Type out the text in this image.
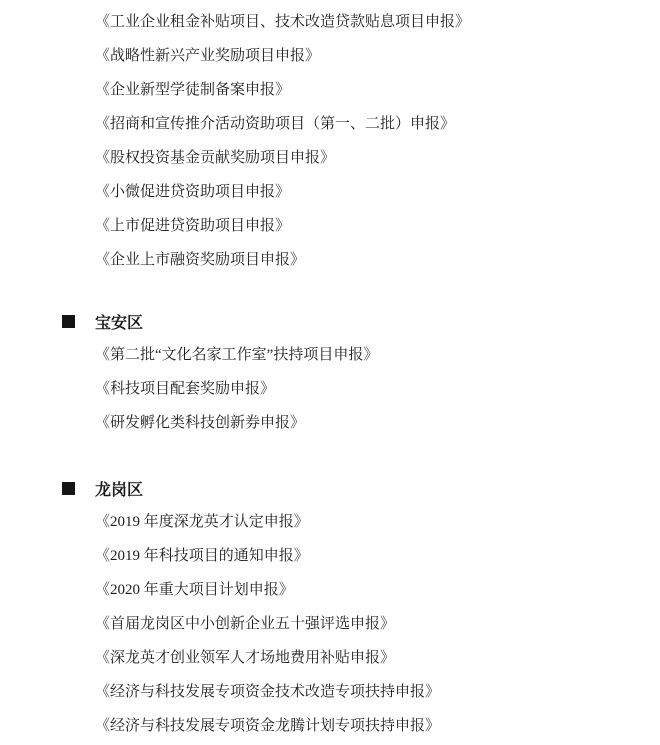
《工业企业租金补贴项目、技术改造贷款贴息项目申报》
《战略性新兴产业奖励项目申报》
《企业新型学徒制备案申报》
《招商和宣传推介活动资助项目（第一、二批）申报》
《股权投资基金贡献奖励项目申报》
《小微促进贷资助项目申报》
《上市促进贷资助项目申报》
《企业上市融资奖励项目申报》
宝安区
《第二批“文化名家工作室”扶持项目申报》
《科技项目配套奖励申报》
《研发孵化类科技创新券申报》
龙岗区
《2019 年度深龙英才认定申报》
《2019 年科技项目的通知申报》
《2020 年重大项目计划申报》
《首届龙岗区中小创新企业五十强评选申报》
《深龙英才创业领军人才场地费用补贴申报》
《经济与科技发展专项资金技术改造专项扶持申报》
《经济与科技发展专项资金龙腾计划专项扶持申报》
